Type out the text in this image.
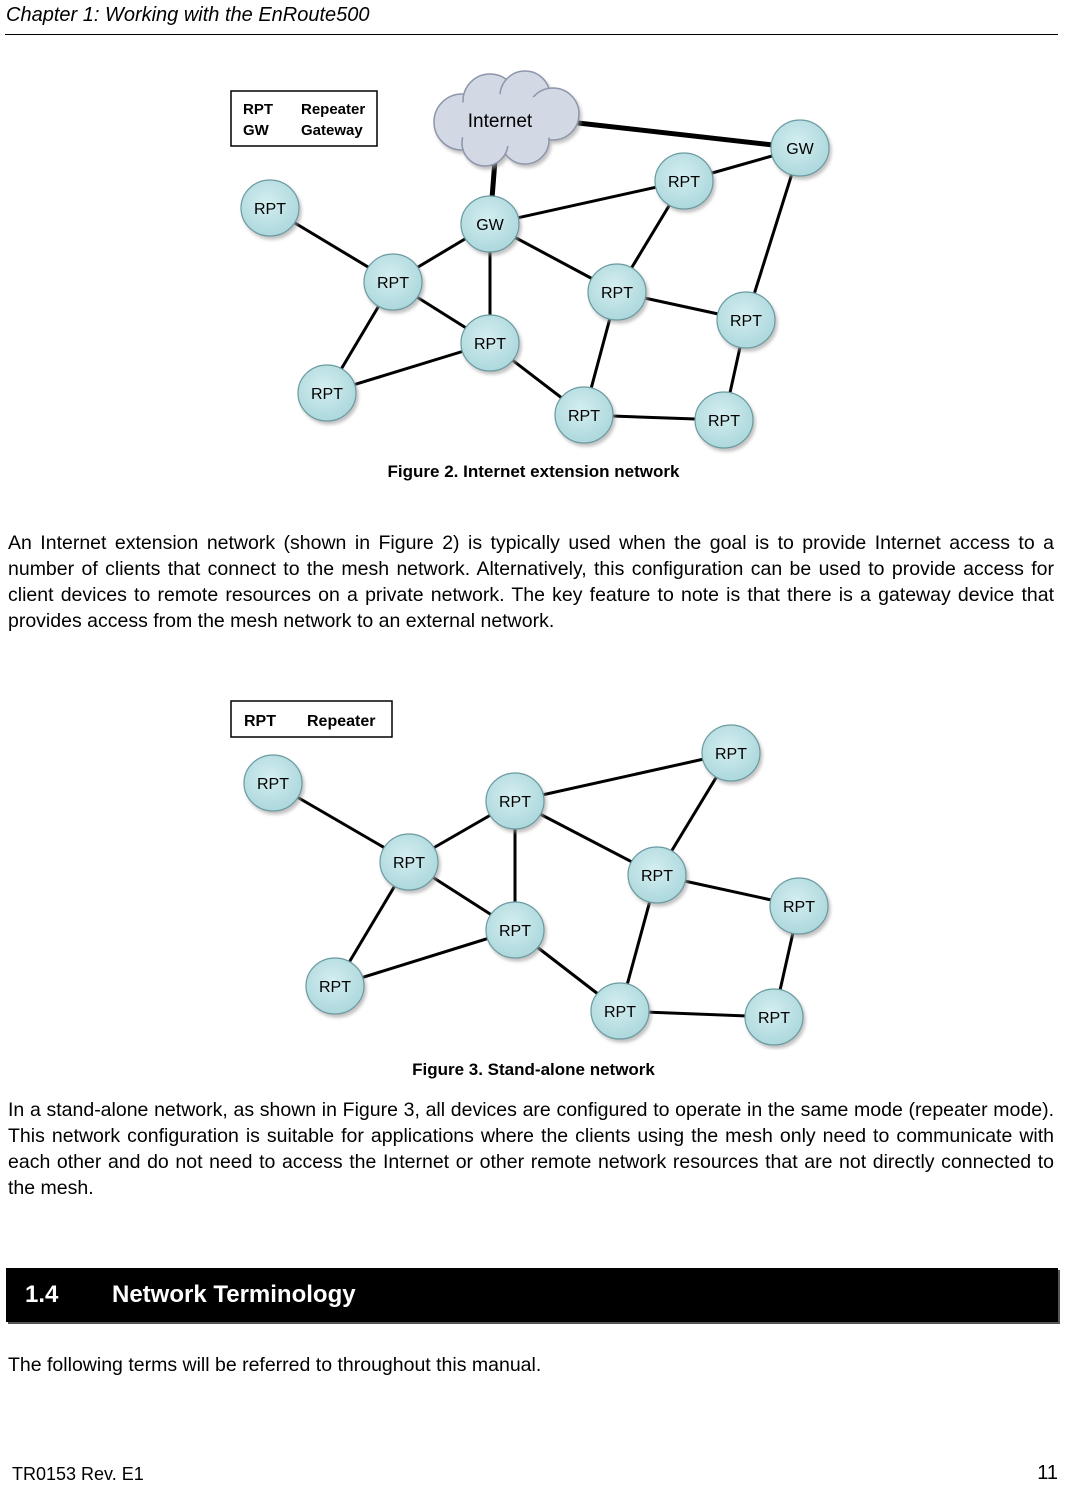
Chapter 1: Working with the EnRoute500
RPT Repeater
GW Gateway	Internet
GW
RPT
RPT
GW
RPT
RPT
RPT
RPT
RPT
RPT	RPT
Figure 2. Internet extension network
An Internet extension network (shown in Figure 2) is typically used when the goal is to provide Internet access to a number of clients that connect to the mesh network. Alternatively, this configuration can be used to provide access for client devices to remote resources on a private network. The key feature to note is that there is a gateway device that provides access from the mesh network to an external network.
RPT Repeater
RPT
RPT
RPT
RPT
RPT
RPT
RPT
RPT
RPT	RPT
Figure 3. Stand-alone network
In a stand-alone network, as shown in Figure 3, all devices are configured to operate in the same mode (repeater mode). This network configuration is suitable for applications where the clients using the mesh only need to communicate with each other and do not need to access the Internet or other remote network resources that are not directly connected to the mesh.
1.4 Network Terminology
The following terms will be referred to throughout this manual.
TR0153 Rev. E1	11
